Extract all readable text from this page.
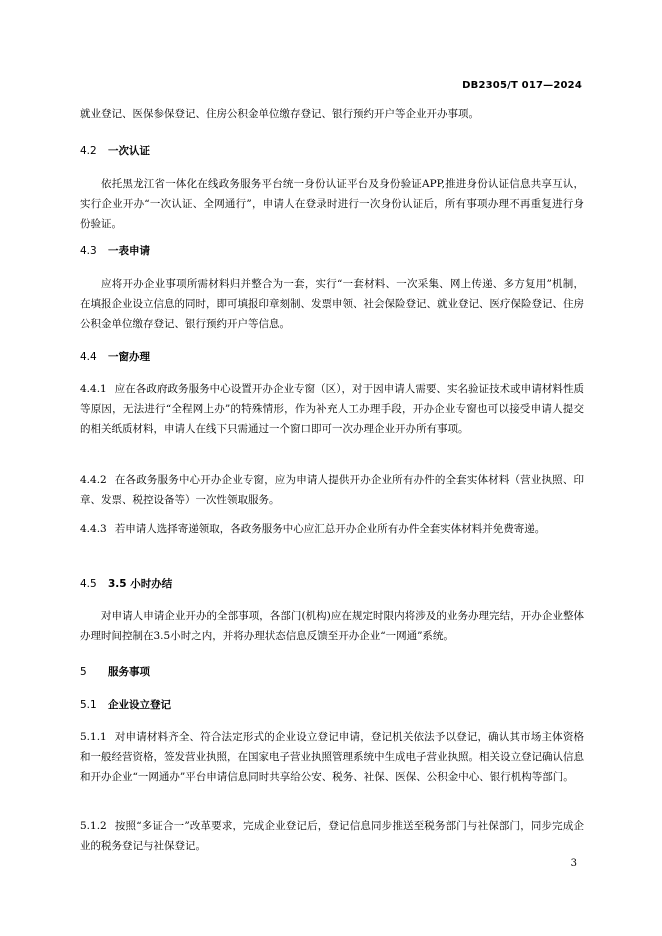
DB2305/T 017—2024

就业登记、医保参保登记、住房公积金单位缴存登记、银行预约开户等企业开办事项。

4.2 一次认证

依托黑龙江省一体化在线政务服务平台统一身份认证平台及身份验证APP,推进身份认证信息共享互认，实行企业开办“一次认证、全网通行”，申请人在登录时进行一次身份认证后，所有事项办理不再重复进行身份验证。

4.3 一表申请

应将开办企业事项所需材料归并整合为一套，实行“一套材料、一次采集、网上传递、多方复用”机制，在填报企业设立信息的同时，即可填报印章刻制、发票申领、社会保险登记、就业登记、医疗保险登记、住房公积金单位缴存登记、银行预约开户等信息。

4.4 一窗办理

4.4.1 应在各政府政务服务中心设置开办企业专窗（区），对于因申请人需要、实名验证技术或申请材料性质等原因，无法进行“全程网上办”的特殊情形，作为补充人工办理手段，开办企业专窗也可以接受申请人提交的相关纸质材料，申请人在线下只需通过一个窗口即可一次办理企业开办所有事项。

4.4.2 在各政务服务中心开办企业专窗，应为申请人提供开办企业所有办件的全套实体材料（营业执照、印章、发票、税控设备等）一次性领取服务。

4.4.3 若申请人选择寄递领取，各政务服务中心应汇总开办企业所有办件全套实体材料并免费寄递。

4.5 3.5 小时办结

对申请人申请企业开办的全部事项，各部门(机构)应在规定时限内将涉及的业务办理完结，开办企业整体办理时间控制在3.5小时之内，并将办理状态信息反馈至开办企业“一网通”系统。

5 服务事项
5.1 企业设立登记

5.1.1 对申请材料齐全、符合法定形式的企业设立登记申请，登记机关依法予以登记，确认其市场主体资格和一般经营资格，签发营业执照，在国家电子营业执照管理系统中生成电子营业执照。相关设立登记确认信息和开办企业“一网通办”平台申请信息同时共享给公安、税务、社保、医保、公积金中心、银行机构等部门。

5.1.2 按照“多证合一”改革要求，完成企业登记后，登记信息同步推送至税务部门与社保部门，同步完成企业的税务登记与社保登记。

3
